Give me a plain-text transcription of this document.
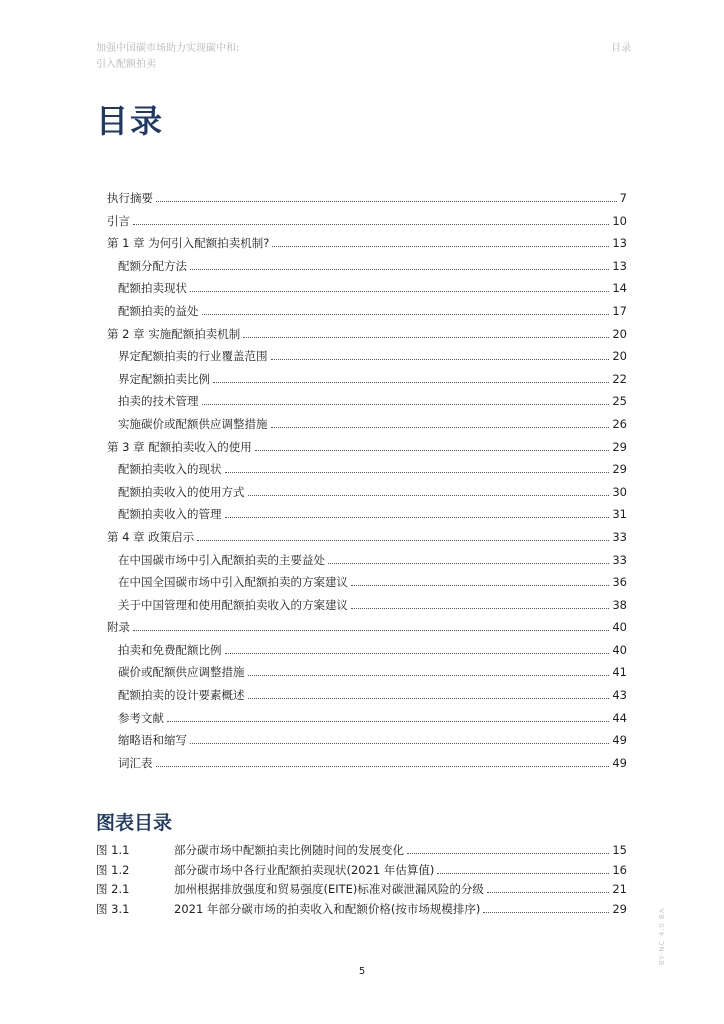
加强中国碳市场助力实现碳中和:
引入配额拍卖
目录
目录
执行摘要	7
引言	10
第 1 章 为何引入配额拍卖机制?	13
配额分配方法	13
配额拍卖现状	14
配额拍卖的益处	17
第 2 章 实施配额拍卖机制	20
界定配额拍卖的行业覆盖范围	20
界定配额拍卖比例	22
拍卖的技术管理	25
实施碳价或配额供应调整措施	26
第 3 章 配额拍卖收入的使用	29
配额拍卖收入的现状	29
配额拍卖收入的使用方式	30
配额拍卖收入的管理	31
第 4 章 政策启示	33
在中国碳市场中引入配额拍卖的主要益处	33
在中国全国碳市场中引入配额拍卖的方案建议	36
关于中国管理和使用配额拍卖收入的方案建议	38
附录	40
拍卖和免费配额比例	40
碳价或配额供应调整措施	41
配额拍卖的设计要素概述	43
参考文献	44
缩略语和缩写	49
词汇表	49
图表目录
图 1.1	部分碳市场中配额拍卖比例随时间的发展变化	15
图 1.2	部分碳市场中各行业配额拍卖现状(2021 年估算值)	16
图 2.1	加州根据排放强度和贸易强度(EITE)标准对碳泄漏风险的分级	21
图 3.1	2021 年部分碳市场的拍卖收入和配额价格(按市场规模排序)	29
5
BY-NC 4.0 BA
